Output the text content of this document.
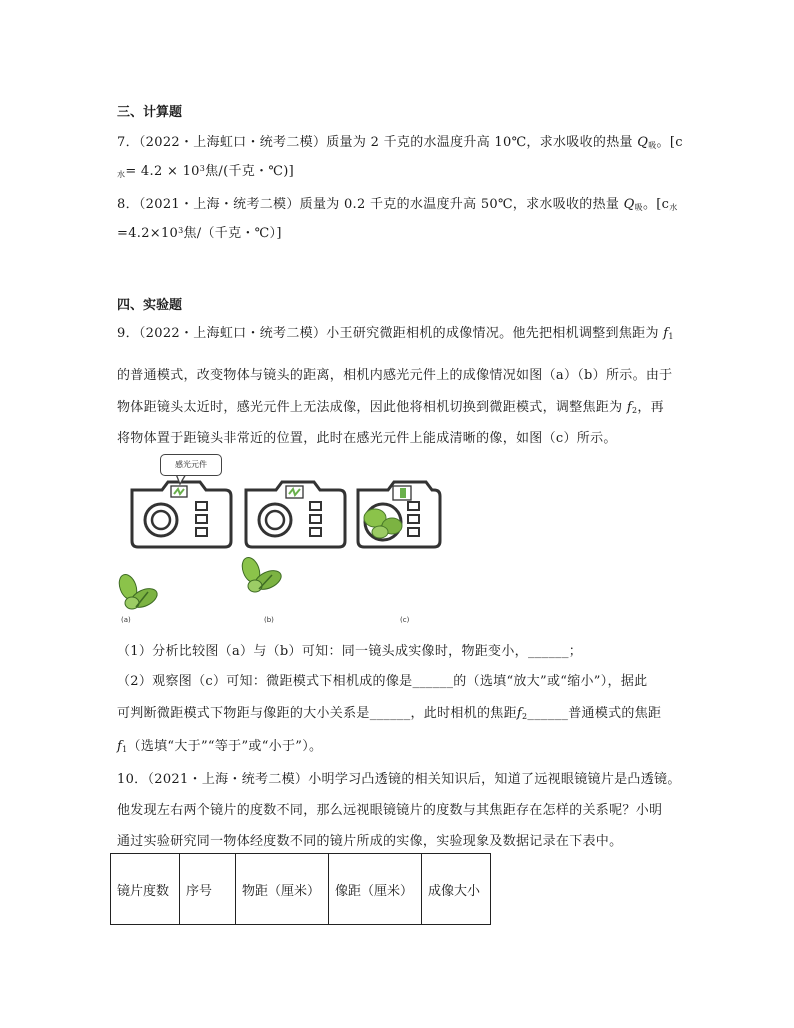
三、计算题
7．（2022・上海虹口・统考二模）质量为 2 千克的水温度升高 10℃，求水吸收的热量 $Q_吸$。[c
$_水= 4.2 \times 10^3$焦/(千克・℃)]
8．（2021・上海・统考二模）质量为 0.2 千克的水温度升高 50℃，求水吸收的热量 $Q_吸$。[$c_水$
$=4.2\times 10^3$焦/（千克・℃）]
四、实验题
9．（2022・上海虹口・统考二模）小王研究微距相机的成像情况。他先把相机调整到焦距为 $f_1$
的普通模式，改变物体与镜头的距离，相机内感光元件上的成像情况如图（a）（b）所示。由于
物体距镜头太近时，感光元件上无法成像，因此他将相机切换到微距模式，调整焦距为 $f_2$，再
将物体置于距镜头非常近的位置，此时在感光元件上能成清晰的像，如图（c）所示。
感光元件
(a)	(b)	(c)
（1）分析比较图（a）与（b）可知：同一镜头成实像时，物距变小，______；
（2）观察图（c）可知：微距模式下相机成的像是______的（选填“放大”或“缩小”），据此
可判断微距模式下物距与像距的大小关系是______，此时相机的焦距$f_2\_\_\_\_\_\_$普通模式的焦距
$f_1$（选填“大于”“等于”或“小于”）。
10．（2021・上海・统考二模）小明学习凸透镜的相关知识后，知道了远视眼镜镜片是凸透镜。
他发现左右两个镜片的度数不同，那么远视眼镜镜片的度数与其焦距存在怎样的关系呢？小明
通过实验研究同一物体经度数不同的镜片所成的实像，实验现象及数据记录在下表中。
镜片度数	序号	物距（厘米）	像距（厘米）	成像大小
